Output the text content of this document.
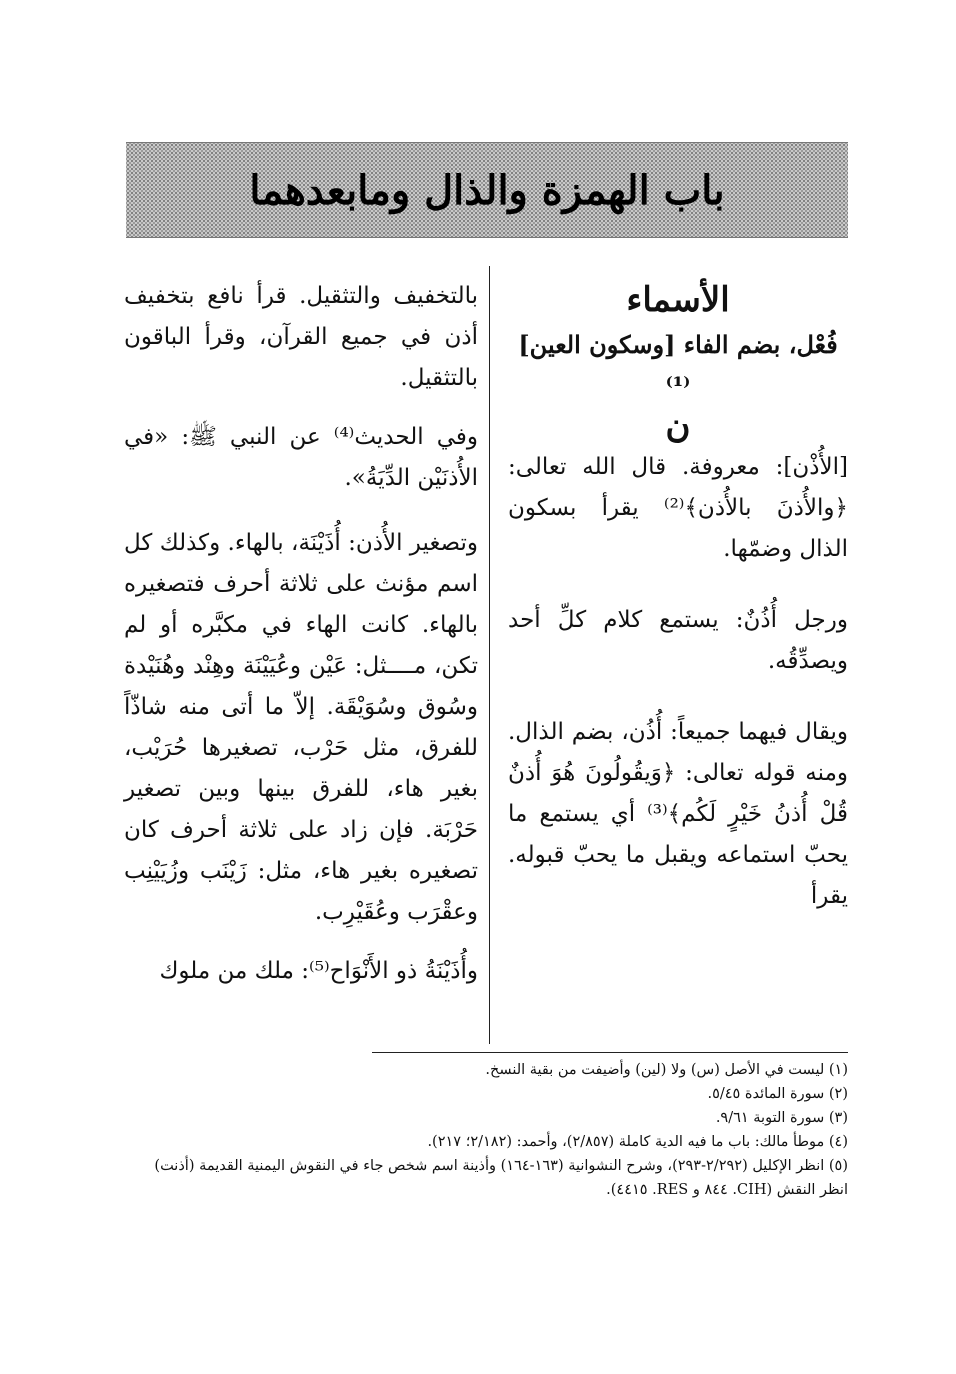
باب الهمزة والذال ومابعدهما

الأسماء

فُعْل، بضم الفاء [وسكون العين]⁽¹⁾

ن

[الأُذْن]: معروفة. قال الله تعالى: ﴿والأُذنَ بالأُذن﴾⁽²⁾ يقرأ بسكون الذال وضمّها.

ورجل أُذُنٌ: يستمع كلام كلِّ أحد ويصدِّقُه.

ويقال فيهما جميعاً: أُذُن، بضم الذال. ومنه قوله تعالى: ﴿وَيقُولُونَ هُوَ أُذنٌ قُلْ أُذنُ خَيْرٍ لَكُم﴾⁽³⁾ أي يستمع ما يحبّ استماعه ويقبل ما يحبّ قبوله. يقرأ

بالتخفيف والتثقيل. قرأ نافع بتخفيف أذن في جميع القرآن، وقرأ الباقون بالتثقيل.

وفي الحديث⁽⁴⁾ عن النبي ﷺ: «في الأُذنَيْن الدِّيَةُ».

وتصغير الأُذن: أُذَيْنَة، بالهاء. وكذلك كل اسم مؤنث على ثلاثة أحرف فتصغيره بالهاء. كانت الهاء في مكبَّره أو لم تكن، مــــثل: عَيْن وعُيَيْنَة وهِنْد وهُنَيْدة وسُوق وسُوَيْقَة. إلاّ ما أتى منه شاذّاً للفرق، مثل حَرْب، تصغيرها حُرَيْب، بغير هاء، للفرق بينها وبين تصغير حَرْبَة. فإن زاد على ثلاثة أحرف كان تصغيره بغير هاء، مثل: زَيْنَب وزُيَيْنِب وعقْرَب وعُقَيْرِب.

وأُذَيْنَةُ ذو الأَنْوَاح⁽⁵⁾: ملك من ملوك

(١) ليست في الأصل (س) ولا (لين) وأضيفت من بقية النسخ.

(٢) سورة المائدة ٥/٤٥.

(٣) سورة التوبة ٩/٦١.

(٤) موطأ مالك: باب ما فيه الدية كاملة (٢/٨٥٧)، وأحمد: (٢/١٨٢؛ ٢١٧).

(٥) انظر الإكليل (٢/٢٩٢-٢٩٣)، وشرح النشوانية (١٦٣-١٦٤) وأذينة اسم شخص جاء في النقوش اليمنية القديمة (أذنت) انظر النقش (CIH. ٨٤٤ و RES. ٤٤١٥).
